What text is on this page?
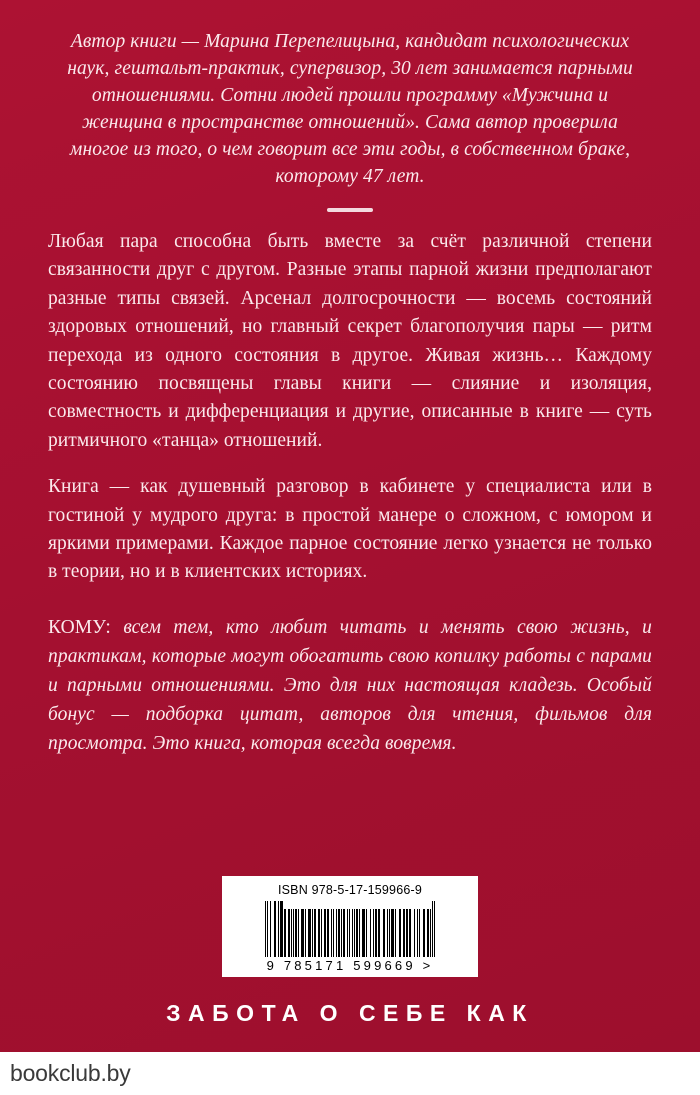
Автор книги — Марина Перепелицына, кандидат психологических наук, гештальт-практик, супервизор, 30 лет занимается парными отношениями. Сотни людей прошли программу «Мужчина и женщина в пространстве отношений». Сама автор проверила многое из того, о чем говорит все эти годы, в собственном браке, которому 47 лет.

Любая пара способна быть вместе за счёт различной степени связанности друг с другом. Разные этапы парной жизни предполагают разные типы связей. Арсенал долгосрочности — восемь состояний здоровых отношений, но главный секрет благополучия пары — ритм перехода из одного состояния в другое. Живая жизнь… Каждому состоянию посвящены главы книги — слияние и изоляция, совместность и дифференциация и другие, описанные в книге — суть ритмичного «танца» отношений.

Книга — как душевный разговор в кабинете у специалиста или в гостиной у мудрого друга: в простой манере о сложном, с юмором и яркими примерами. Каждое парное состояние легко узнается не только в теории, но и в клиентских историях.

КОМУ: всем тем, кто любит читать и менять свою жизнь, и практикам, которые могут обогатить свою копилку работы с парами и парными отношениями. Это для них настоящая кладезь. Особый бонус — подборка цитат, авторов для чтения, фильмов для просмотра. Это книга, которая всегда вовремя.

ISBN 978-5-17-159966-9
9 785171 599669 >
ЗАБОТА О СЕБЕ КАК
bookclub.by
